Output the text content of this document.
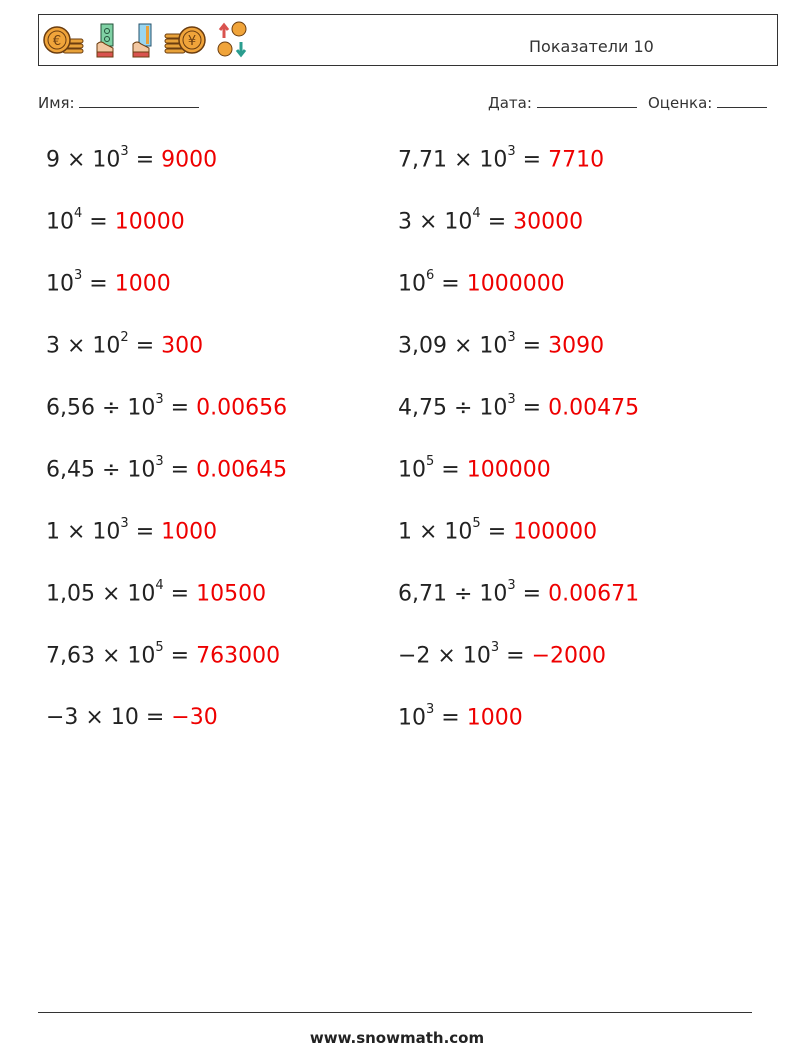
€	¥	Показатели 10
Имя:	Дата:	Оценка:
$9 \times 10^3 = 9000$	$7,71 \times 10^3 = 7710$
$10^4 = 10000$	$3 \times 10^4 = 30000$
$10^3 = 1000$	$10^6 = 1000000$
$3 \times 10^2 = 300$	$3,09 \times 10^3 = 3090$
$6,56 \div 10^3 = 0.00656$	$4,75 \div 10^3 = 0.00475$
$6,45 \div 10^3 = 0.00645$	$10^5 = 100000$
$1 \times 10^3 = 1000$	$1 \times 10^5 = 100000$
$1,05 \times 10^4 = 10500$	$6,71 \div 10^3 = 0.00671$
$7,63 \times 10^5 = 763000$	$-2 \times 10^3 = -2000$
−3 × 10 = −30	$10^3 = 1000$
www.snowmath.com
